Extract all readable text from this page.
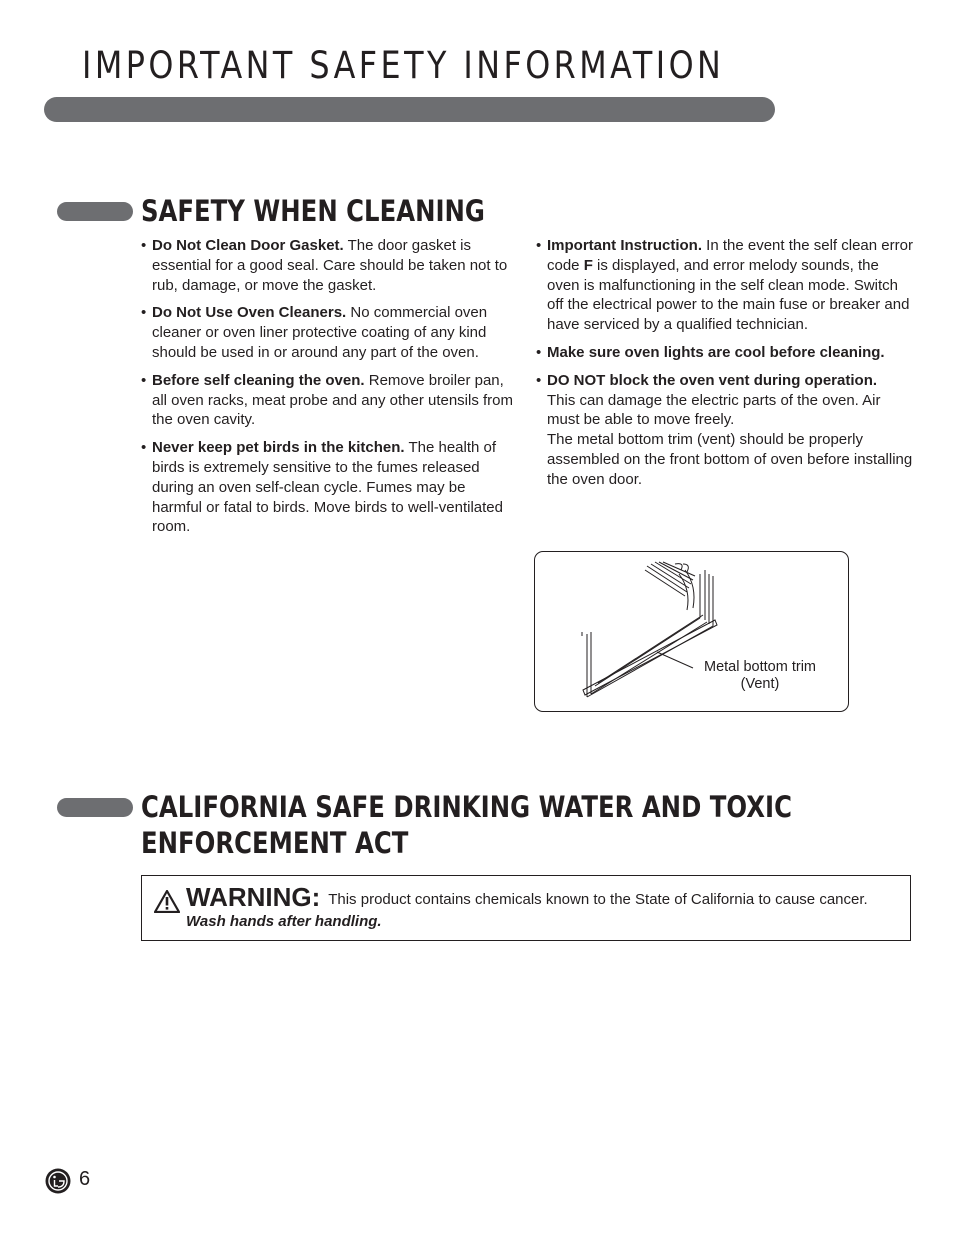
IMPORTANT SAFETY INFORMATION
SAFETY WHEN CLEANING
• Do Not Clean Door Gasket. The door gasket is essential for a good seal. Care should be taken not to rub, damage, or move the gasket.
• Do Not Use Oven Cleaners. No commercial oven cleaner or oven liner protective coating of any kind should be used in or around any part of the oven.
• Before self cleaning the oven. Remove broiler pan, all oven racks, meat probe and any other utensils from the oven cavity.
• Never keep pet birds in the kitchen. The health of birds is extremely sensitive to the fumes released during an oven self-clean cycle. Fumes may be harmful or fatal to birds. Move birds to well-ventilated room.
• Important Instruction. In the event the self clean error code F is displayed, and error melody sounds, the oven is malfunctioning in the self clean mode. Switch off the electrical power to the main fuse or breaker and have serviced by a qualified technician.
• Make sure oven lights are cool before cleaning.
• DO NOT block the oven vent during operation.
This can damage the electric parts of the oven. Air must be able to move freely.
The metal bottom trim (vent) should be properly assembled on the front bottom of oven before installing the oven door.
Metal bottom trim
(Vent)
CALIFORNIA SAFE DRINKING WATER AND TOXIC
ENFORCEMENT ACT
WARNING: This product contains chemicals known to the State of California to cause cancer. Wash hands after handling.
6
